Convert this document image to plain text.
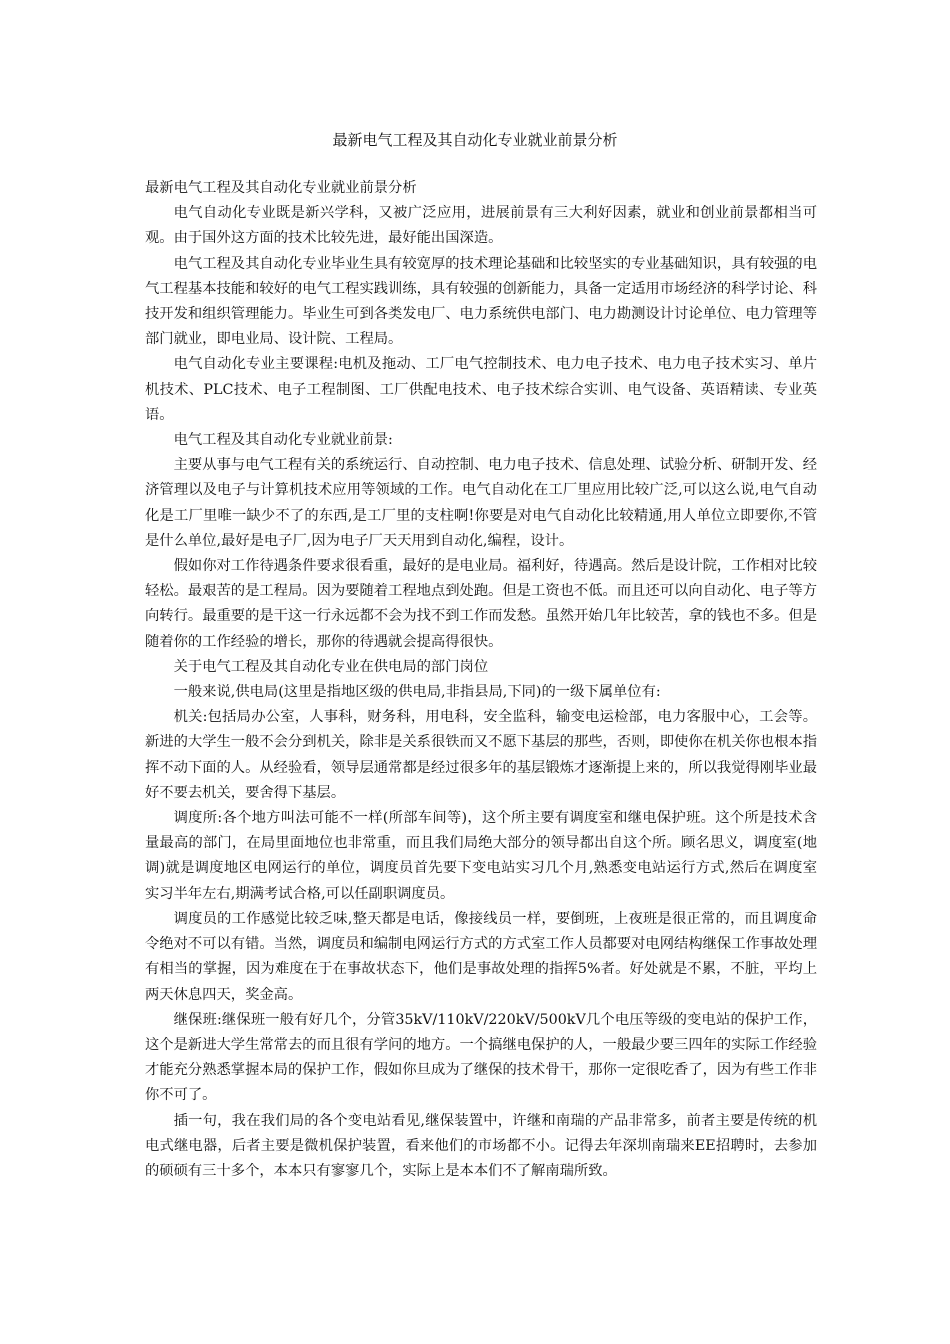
最新电气工程及其自动化专业就业前景分析

最新电气工程及其自动化专业就业前景分析

电气自动化专业既是新兴学科，又被广泛应用，进展前景有三大利好因素，就业和创业前景都相当可观。由于国外这方面的技术比较先进，最好能出国深造。

电气工程及其自动化专业毕业生具有较宽厚的技术理论基础和比较坚实的专业基础知识，具有较强的电气工程基本技能和较好的电气工程实践训练，具有较强的创新能力，具备一定适用市场经济的科学讨论、科技开发和组织管理能力。毕业生可到各类发电厂、电力系统供电部门、电力勘测设计讨论单位、电力管理等部门就业，即电业局、设计院、工程局。

电气自动化专业主要课程:电机及拖动、工厂电气控制技术、电力电子技术、电力电子技术实习、单片机技术、PLC技术、电子工程制图、工厂供配电技术、电子技术综合实训、电气设备、英语精读、专业英语。

电气工程及其自动化专业就业前景:

主要从事与电气工程有关的系统运行、自动控制、电力电子技术、信息处理、试验分析、研制开发、经济管理以及电子与计算机技术应用等领域的工作。电气自动化在工厂里应用比较广泛,可以这么说,电气自动化是工厂里唯一缺少不了的东西,是工厂里的支柱啊!你要是对电气自动化比较精通,用人单位立即要你,不管是什么单位,最好是电子厂,因为电子厂天天用到自动化,编程，设计。

假如你对工作待遇条件要求很看重，最好的是电业局。福利好，待遇高。然后是设计院，工作相对比较轻松。最艰苦的是工程局。因为要随着工程地点到处跑。但是工资也不低。而且还可以向自动化、电子等方向转行。最重要的是干这一行永远都不会为找不到工作而发愁。虽然开始几年比较苦，拿的钱也不多。但是随着你的工作经验的增长，那你的待遇就会提高得很快。

关于电气工程及其自动化专业在供电局的部门岗位

一般来说,供电局(这里是指地区级的供电局,非指县局,下同)的一级下属单位有:

机关:包括局办公室，人事科，财务科，用电科，安全监科，输变电运检部，电力客服中心，工会等。新进的大学生一般不会分到机关，除非是关系很铁而又不愿下基层的那些，否则，即使你在机关你也根本指挥不动下面的人。从经验看，领导层通常都是经过很多年的基层锻炼才逐渐提上来的，所以我觉得刚毕业最好不要去机关，要舍得下基层。

调度所:各个地方叫法可能不一样(所部车间等)，这个所主要有调度室和继电保护班。这个所是技术含量最高的部门，在局里面地位也非常重，而且我们局绝大部分的领导都出自这个所。顾名思义，调度室(地调)就是调度地区电网运行的单位，调度员首先要下变电站实习几个月,熟悉变电站运行方式,然后在调度室实习半年左右,期满考试合格,可以任副职调度员。

调度员的工作感觉比较乏味,整天都是电话，像接线员一样，要倒班，上夜班是很正常的，而且调度命令绝对不可以有错。当然，调度员和编制电网运行方式的方式室工作人员都要对电网结构继保工作事故处理有相当的掌握，因为难度在于在事故状态下，他们是事故处理的指挥5%者。好处就是不累，不脏，平均上两天休息四天，奖金高。

继保班:继保班一般有好几个，分管35kV/110kV/220kV/500kV几个电压等级的变电站的保护工作，这个是新进大学生常常去的而且很有学问的地方。一个搞继电保护的人，一般最少要三四年的实际工作经验才能充分熟悉掌握本局的保护工作，假如你旦成为了继保的技术骨干，那你一定很吃香了，因为有些工作非你不可了。

插一句，我在我们局的各个变电站看见,继保装置中，许继和南瑞的产品非常多，前者主要是传统的机电式继电器，后者主要是微机保护装置，看来他们的市场都不小。记得去年深圳南瑞来EE招聘时，去参加的硕硕有三十多个，本本只有寥寥几个，实际上是本本们不了解南瑞所致。
